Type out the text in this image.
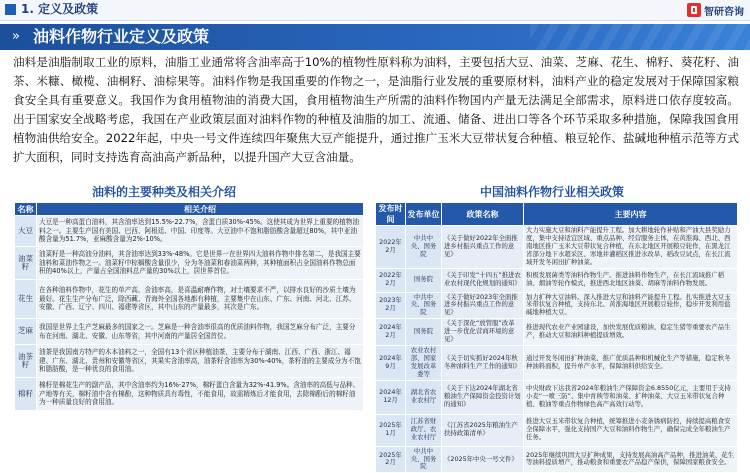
1. 定义及政策	智研咨询
» 油料作物行业定义及政策
油料是油脂制取工业的原料，油脂工业通常将含油率高于10%的植物性原料称为油料，主要包括大豆、油菜、芝麻、花生、棉籽、葵花籽、油茶、米糠、橄榄、油桐籽、油棕果等。油料作物是我国重要的作物之一，是油脂行业发展的重要原材料，油料产业的稳定发展对于保障国家粮食安全具有重要意义。我国作为食用植物油的消费大国，食用植物油生产所需的油料作物国内产量无法满足全部需求，原料进口依存度较高。出于国家安全战略考虑，我国在产业政策层面对油料作物的种植及油脂的加工、流通、储备、进出口等各个环节采取多种措施，保障我国食用植物油供给安全。2022年起，中央一号文件连续四年聚焦大豆产能提升，通过推广玉米大豆带状复合种植、粮豆轮作、盐碱地种植示范等方式扩大面积，同时支持选育高油高产新品种，以提升国产大豆含油量。
油料的主要种类及相关介绍	中国油料作物行业相关政策
名称	相关介绍
大豆	大豆是一种高蛋白油料，其含油率达到15.5%-22.7%，含蛋白质30%-45%。这使其成为世界上重要的植物油料之一。主要生产国有美国、巴西、阿根廷、中国、印度等。大豆油中不饱和脂肪酸含量超过80%，其中亚油酸含量为51.7%，亚麻酸含量为2%-10%。
油菜籽	油菜籽是一种高油分油料，其含油率达到33%-48%。它是世界一在世界四大油料作物中排名第二，是我国主要油料和菜油作物之一。油菜籽中棕榈酸含量很少，分为冬油菜和春油菜两种，其种植面积占全国油料作物总面积的40%以上，产量占全国油料总产量的30%以上，居世界首位。
花生	在各种油料作物中，花生的单产高，含油率高，是喜温耐瘠作物，对土壤要求不严，以排水良好的沙质土壤为最好。花生生产分布广泛，除西藏、青海外全国各地都有种植，主要集中在山东、广东、河南、河北、江苏、安徽、广西、辽宁、四川、福建等省区，其中山东的产量最多，其次是广东。
芝麻	我国是世界上生产芝麻最多的国家之一。芝麻是一种含油率很高的优质油料作物，我国芝麻分布广泛，主要分布在河南、湖北、安徽、山东等省，其中河南的产量居全国首位。
油茶籽	油茶是我国南方特产的木本油料之一，全国有13个省区种植油茶，主要分布于湖南、江西、广西、浙江、福建、广东、湖北、贵州和安徽等省区，其果实含油率高，油茶籽含油率为30%-40%，茶籽油的主要成分为不饱和脂肪酸，是一种优良的食用油。
棉籽	棉籽是棉花生产的副产品，其中含油率约为16%-27%，棉籽蛋白含量为32%-41.9%。含油率的高低与品种、产地等有关，棉籽油中含有棉酚，这种物质具有毒性，不能食用，故需精炼后才能食用，去除棉酚后的棉籽油为一种质量良好的食用油。
发布时间	发布单位	政策名称	主要内容
2022年2月	中共中央、国务院	《关于做好2022年全面推进乡村振兴重点工作的意见》	大力实施大豆和油料产能提升工程。加大耕地轮作补贴和产油大县奖励力度，集中支持适宜区域、重点品种、经营服务主体，在黄淮海、西北、西南地区推广玉米大豆带状复合种植，在东北地区开展粮豆轮作，在黑龙江省部分地下水超采区、寒地井灌稻区推进水改旱、稻改豆试点，在长江流域开发冬闲田扩种油菜。
2022年2月	国务院	《关于印发“十四五”推进农业农村现代化规划的通知》	积极发展菌类等油料作物生产。推进油料作物生产，在长江流域推广稻油、烟油等轮作模式，推进西北地区油葵、胡麻等油料作物发展。
2023年2月	中共中央、国务院	《关于做好2023年全面推进乡村振兴重点工作的意见》	加力扩种大豆油料。深入推进大豆和油料产能提升工程。扎实推进大豆玉米带状复合种植，支持东北、黄淮海地区开展粮豆轮作，稳步开发利用盐碱地种植大豆。
2024年2月	国务院	《关于深化“放管服”改革 进一步优化营商环境的意见》	推进现代农业产业园建设，加快发展优质粮油、稳定生猪等重要农产品生产，推动大豆和油料种植提质增效。
2024年9月	农业农村部、国家发展改革委等	《关于切实抓好2024年秋冬种油料生产工作的通知》	通过开发冬闲田扩种油菜、推广优质品种和机械化生产等措施，稳定秋冬种油料面积，提升单产水平，保障油料供给安全。
2024年12月	湖北省农业农村厅	《关于下达2024年湖北省粮油生产保障资金投资计划的通知》	中央财政下达我省2024年粮油生产保障资金6.8550亿元，主要用于支持小麦“一喷三防”、集中育秧等和油菜、扩种油菜、大豆玉米带状复合种植、粮油等重点作物绿色高产高效行动等。
2025年1月	江苏省财政厅、农业农村厅	《江苏省2025年粮油生产扶持政策清单》	推进大豆玉米带状复合种植，统筹推进小麦条锈病防控，持续提高粮食安全保障水平，强化支持国产大豆和油料作物生产，确保完成全年粮油生产任务。
2025年2月	中共中央、国务院	《2025年中央一号文件》	2025年继续巩固大豆扩种成果，支持发展高油高产品种，推进油菜、花生等油料提质增产，推动粮食和重要农产品稳产保供，保障国家粮食安全。
